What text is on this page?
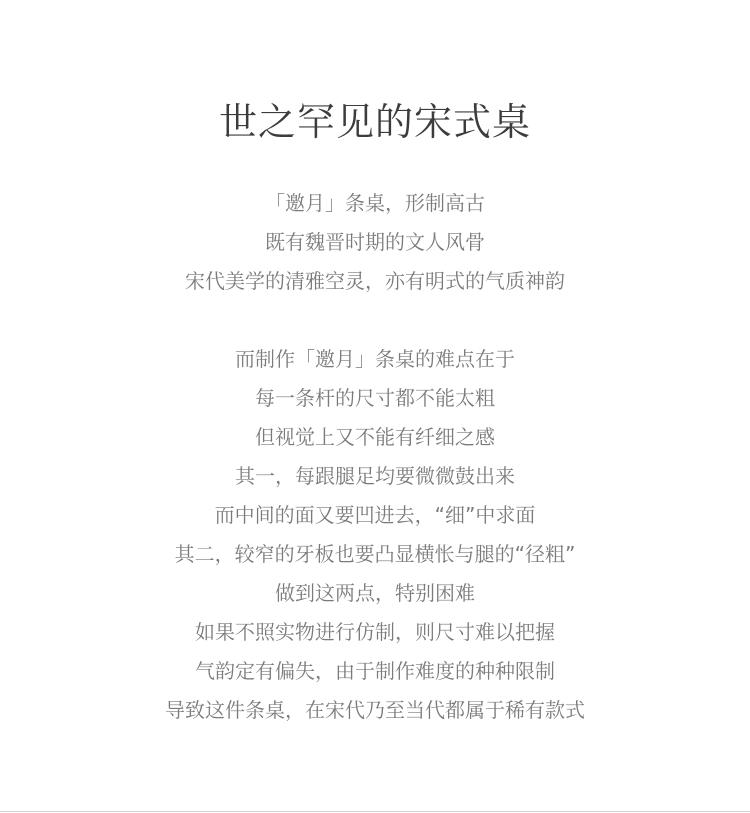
世之罕见的宋式桌
「邀月」条桌，形制高古
既有魏晋时期的文人风骨
宋代美学的清雅空灵，亦有明式的气质神韵
而制作「邀月」条桌的难点在于
每一条杆的尺寸都不能太粗
但视觉上又不能有纤细之感
其一，每跟腿足均要微微鼓出来
而中间的面又要凹进去，“细”中求面
其二，较窄的牙板也要凸显横怅与腿的“径粗”
做到这两点，特别困难
如果不照实物进行仿制，则尺寸难以把握
气韵定有偏失，由于制作难度的种种限制
导致这件条桌，在宋代乃至当代都属于稀有款式
